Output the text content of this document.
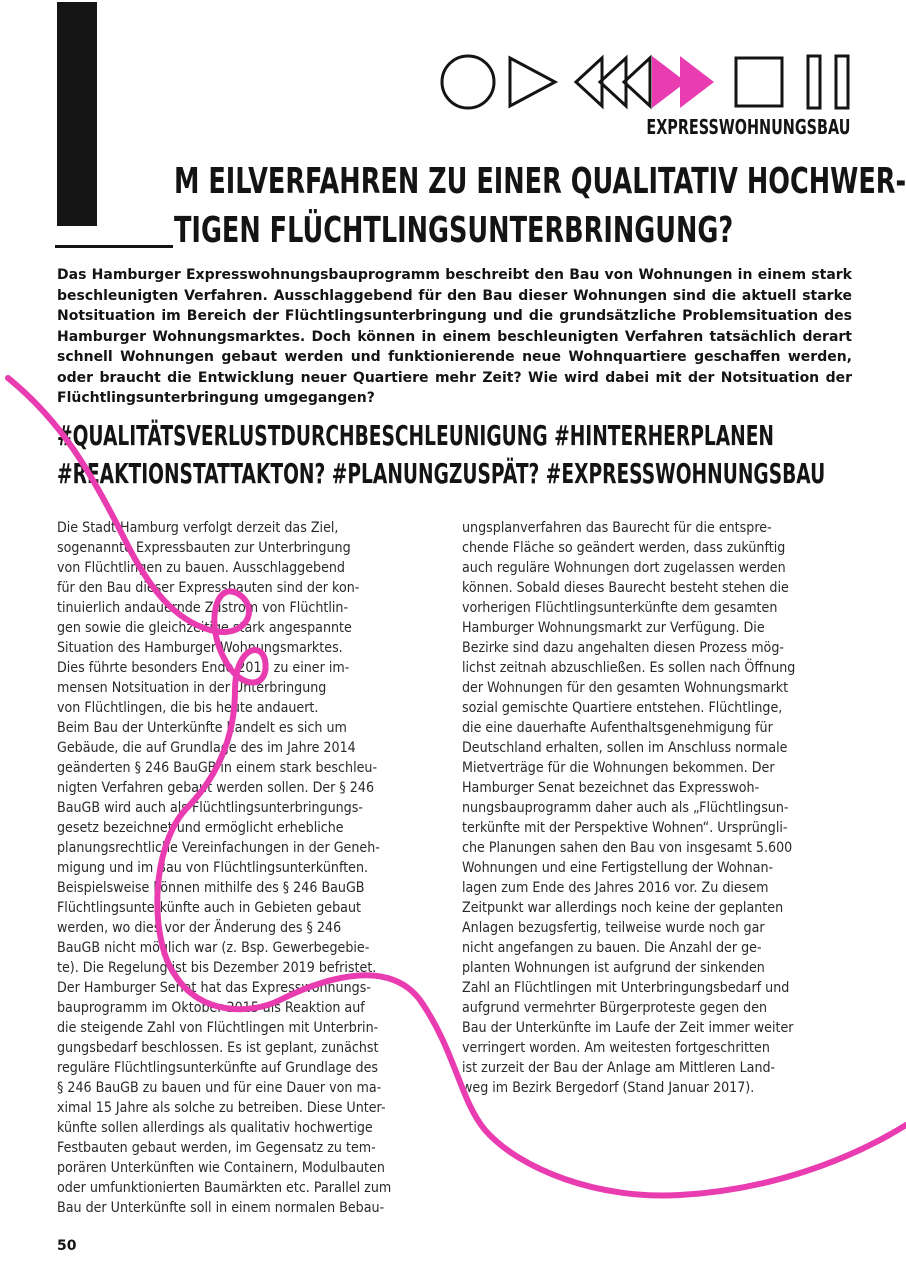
EXPRESSWOHNUNGSBAU

M EILVERFAHREN ZU EINER QUALITATIV HOCHWER-
TIGEN FLÜCHTLINGSUNTERBRINGUNG?

Das Hamburger Expresswohnungsbauprogramm beschreibt den Bau von Wohnungen in einem stark beschleunigten Verfahren. Ausschlaggebend für den Bau dieser Wohnungen sind die aktuell starke Notsituation im Bereich der Flüchtlingsunterbringung und die grundsätzliche Problemsituation des Hamburger Wohnungsmarktes. Doch können in einem beschleunigten Verfahren tatsächlich derart schnell Wohnungen gebaut werden und funktionierende neue Wohnquartiere geschaffen werden, oder braucht die Entwicklung neuer Quartiere mehr Zeit? Wie wird dabei mit der Notsituation der Flüchtlingsunterbringung umgegangen?

#QUALITÄTSVERLUSTDURCHBESCHLEUNIGUNG #HINTERHERPLANEN

#REAKTIONSTATTAKTON? #PLANUNGZUSPÄT? #EXPRESSWOHNUNGSBAU

Die Stadt Hamburg verfolgt derzeit das Ziel,
sogenannte Expressbauten zur Unterbringung
von Flüchtlingen zu bauen. Ausschlaggebend
für den Bau dieser Expressbauten sind der kon-
tinuierlich andauernde Zustrom von Flüchtlin-
gen sowie die gleichzeitige stark angespannte
Situation des Hamburger Wohnungsmarktes.
Dies führte besonders Ende 2015 zu einer im-
mensen Notsituation in der Unterbringung
von Flüchtlingen, die bis heute andauert.
Beim Bau der Unterkünfte handelt es sich um
Gebäude, die auf Grundlage des im Jahre 2014
geänderten § 246 BauGB in einem stark beschleu-
nigten Verfahren gebaut werden sollen. Der § 246
BauGB wird auch als Flüchtlingsunterbringungs-
gesetz bezeichnet und ermöglicht erhebliche
planungsrechtliche Vereinfachungen in der Geneh-
migung und im Bau von Flüchtlingsunterkünften.
Beispielsweise können mithilfe des § 246 BauGB
Flüchtlingsunterkünfte auch in Gebieten gebaut
werden, wo dies vor der Änderung des § 246
BauGB nicht möglich war (z. Bsp. Gewerbegebie-
te). Die Regelung ist bis Dezember 2019 befristet.
Der Hamburger Senat hat das Expresswohnungs-
bauprogramm im Oktober 2015 als Reaktion auf
die steigende Zahl von Flüchtlingen mit Unterbrin-
gungsbedarf beschlossen. Es ist geplant, zunächst
reguläre Flüchtlingsunterkünfte auf Grundlage des
§ 246 BauGB zu bauen und für eine Dauer von ma-
ximal 15 Jahre als solche zu betreiben. Diese Unter-
künfte sollen allerdings als qualitativ hochwertige
Festbauten gebaut werden, im Gegensatz zu tem-
porären Unterkünften wie Containern, Modulbauten
oder umfunktionierten Baumärkten etc. Parallel zum
Bau der Unterkünfte soll in einem normalen Bebau-

ungsplanverfahren das Baurecht für die entspre-
chende Fläche so geändert werden, dass zukünftig
auch reguläre Wohnungen dort zugelassen werden
können. Sobald dieses Baurecht besteht stehen die
vorherigen Flüchtlingsunterkünfte dem gesamten
Hamburger Wohnungsmarkt zur Verfügung. Die
Bezirke sind dazu angehalten diesen Prozess mög-
lichst zeitnah abzuschließen. Es sollen nach Öffnung
der Wohnungen für den gesamten Wohnungsmarkt
sozial gemischte Quartiere entstehen. Flüchtlinge,
die eine dauerhafte Aufenthaltsgenehmigung für
Deutschland erhalten, sollen im Anschluss normale
Mietverträge für die Wohnungen bekommen. Der
Hamburger Senat bezeichnet das Expresswoh-
nungsbauprogramm daher auch als „Flüchtlingsun-
terkünfte mit der Perspektive Wohnen“. Ursprüngli-
che Planungen sahen den Bau von insgesamt 5.600
Wohnungen und eine Fertigstellung der Wohnan-
lagen zum Ende des Jahres 2016 vor. Zu diesem
Zeitpunkt war allerdings noch keine der geplanten
Anlagen bezugsfertig, teilweise wurde noch gar
nicht angefangen zu bauen. Die Anzahl der ge-
planten Wohnungen ist aufgrund der sinkenden
Zahl an Flüchtlingen mit Unterbringungsbedarf und
aufgrund vermehrter Bürgerproteste gegen den
Bau der Unterkünfte im Laufe der Zeit immer weiter
verringert worden. Am weitesten fortgeschritten
ist zurzeit der Bau der Anlage am Mittleren Land-
weg im Bezirk Bergedorf (Stand Januar 2017).

50
